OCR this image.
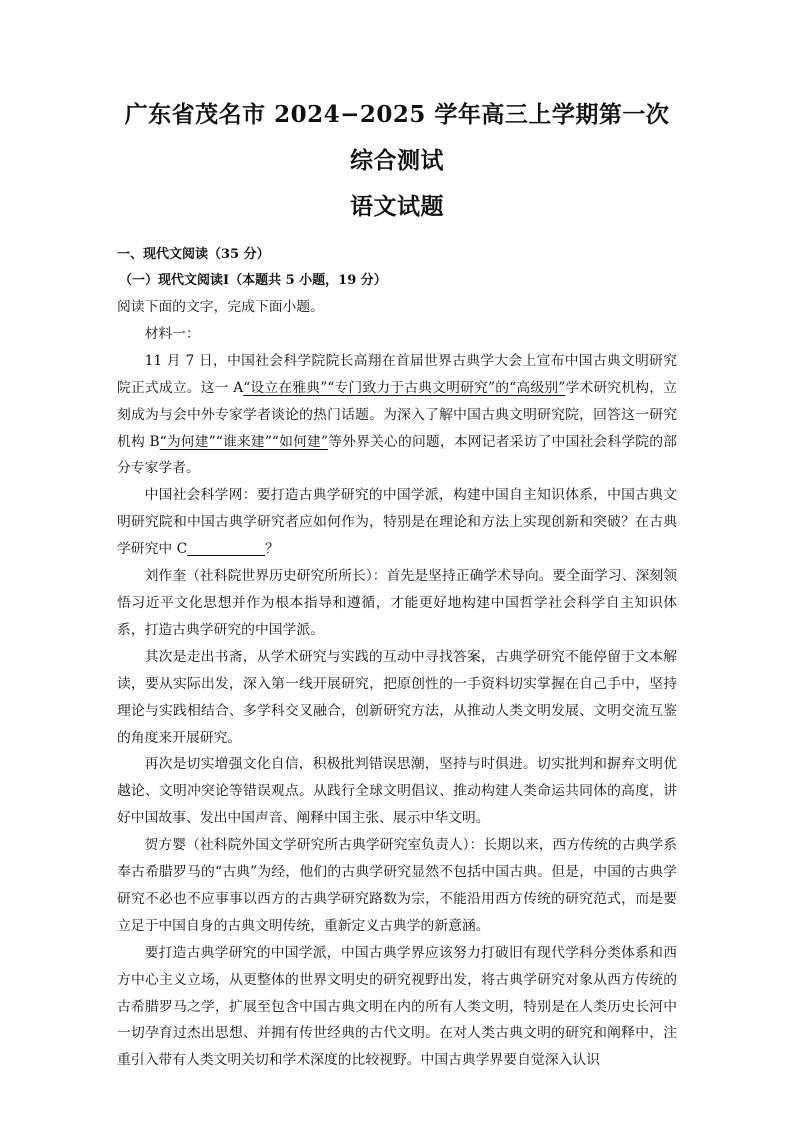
广东省茂名市 2024−2025 学年高三上学期第一次综合测试
语文试题
一、现代文阅读（35 分）
（一）现代文阅读Ⅰ（本题共 5 小题，19 分）

阅读下面的文字，完成下面小题。

材料一：

11 月 7 日，中国社会科学院院长高翔在首届世界古典学大会上宣布中国古典文明研究院正式成立。这一 A“设立在雅典”“专门致力于古典文明研究”的“高级别”学术研究机构，立刻成为与会中外专家学者谈论的热门话题。为深入了解中国古典文明研究院，回答这一研究机构 B“为何建”“谁来建”“如何建”等外界关心的问题，本网记者采访了中国社会科学院的部分专家学者。

中国社会科学网：要打造古典学研究的中国学派，构建中国自主知识体系，中国古典文明研究院和中国古典学研究者应如何作为，特别是在理论和方法上实现创新和突破？在古典学研究中 C	？

刘作奎（社科院世界历史研究所所长）：首先是坚持正确学术导向。要全面学习、深刻领悟习近平文化思想并作为根本指导和遵循，才能更好地构建中国哲学社会科学自主知识体系，打造古典学研究的中国学派。

其次是走出书斋，从学术研究与实践的互动中寻找答案，古典学研究不能停留于文本解读，要从实际出发，深入第一线开展研究，把原创性的一手资料切实掌握在自己手中，坚持理论与实践相结合、多学科交叉融合，创新研究方法，从推动人类文明发展、文明交流互鉴的角度来开展研究。

再次是切实增强文化自信，积极批判错误思潮，坚持与时俱进。切实批判和摒弃文明优越论、文明冲突论等错误观点。从践行全球文明倡议、推动构建人类命运共同体的高度，讲好中国故事、发出中国声音、阐释中国主张、展示中华文明。

贺方婴（社科院外国文学研究所古典学研究室负责人）：长期以来，西方传统的古典学系奉古希腊罗马的“古典”为经，他们的古典学研究显然不包括中国古典。但是，中国的古典学研究不必也不应事事以西方的古典学研究路数为宗，不能沿用西方传统的研究范式，而是要立足于中国自身的古典文明传统，重新定义古典学的新意涵。

要打造古典学研究的中国学派，中国古典学界应该努力打破旧有现代学科分类体系和西方中心主义立场，从更整体的世界文明史的研究视野出发，将古典学研究对象从西方传统的古希腊罗马之学，扩展至包含中国古典文明在内的所有人类文明，特别是在人类历史长河中一切孕育过杰出思想、并拥有传世经典的古代文明。在对人类古典文明的研究和阐释中，注重引入带有人类文明关切和学术深度的比较视野。中国古典学界要自觉深入认识
